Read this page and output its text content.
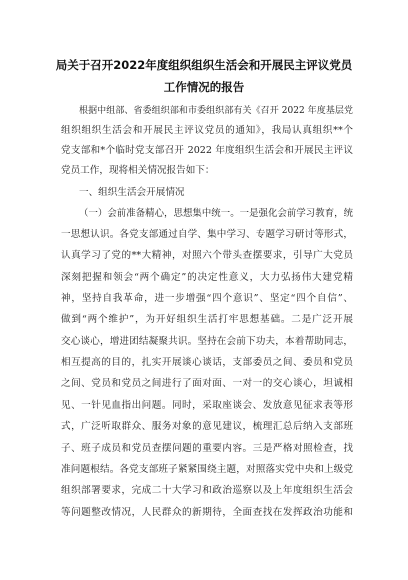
局关于召开2022年度组织组织生活会和开展民主评议党员
工作情况的报告
根据中组部、省委组织部和市委组织部有关《召开 2022 年度基层党
组织组织生活会和开展民主评议党员的通知》，我局认真组织**个
党支部和*个临时党支部召开 2022 年度组织生活会和开展民主评议
党员工作，现将相关情况报告如下：
一、组织生活会开展情况
（一）会前准备精心，思想集中统一。一是强化会前学习教育，统
一思想认识。各党支部通过自学、集中学习、专题学习研讨等形式，
认真学习了党的**大精神，对照六个带头查摆要求，引导广大党员
深刻把握和领会“两个确定”的决定性意义，大力弘扬伟大建党精
神，坚持自我革命，进一步增强“四个意识”、坚定“四个自信”、
做到“两个维护”，为开好组织生活打牢思想基础。二是广泛开展
交心谈心，增进团结凝聚共识。坚持在会前下功夫，本着帮助同志，
相互提高的目的，扎实开展谈心谈话，支部委员之间、委员和党员
之间、党员和党员之间进行了面对面、一对一的交心谈心，坦诚相
见、一针见血指出问题。同时，采取座谈会、发放意见征求表等形
式，广泛听取群众、服务对象的意见建议，梳理汇总后纳入支部班
子、班子成员和党员查摆问题的重要内容。三是严格对照检查，找
准问题根结。各党支部班子紧紧围绕主题，对照落实党中央和上级党
组织部署要求，完成二十大学习和政治巡察以及上年度组织生活会
等问题整改情况，人民群众的新期待，全面查找在发挥政治功能和
